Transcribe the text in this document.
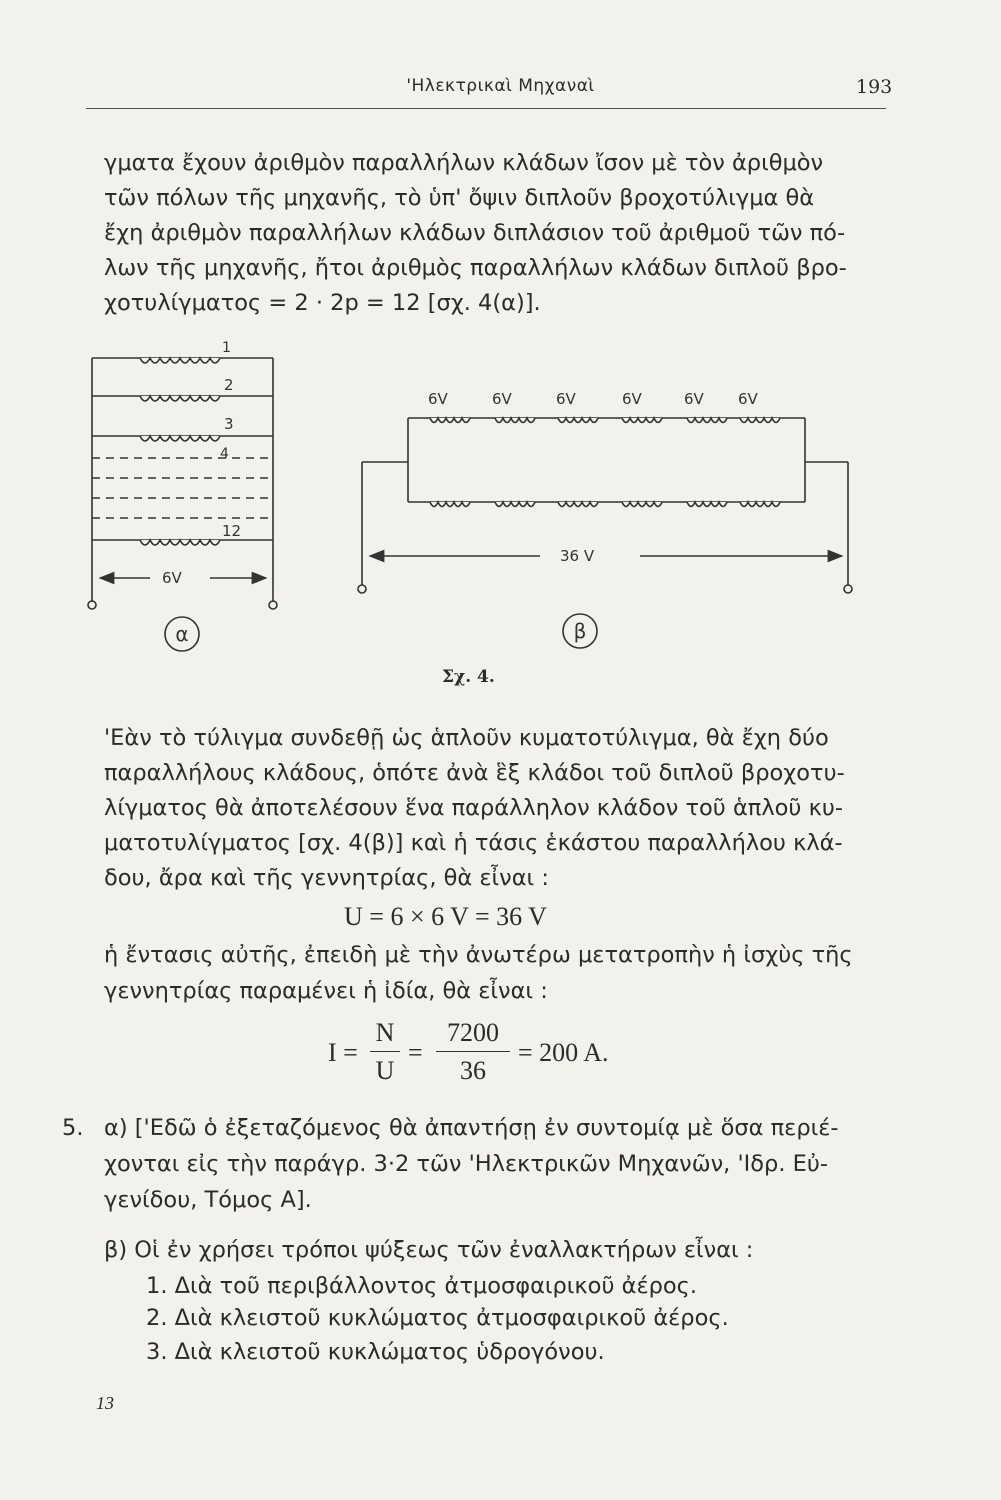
'Ηλεκτρικαὶ Μηχαναὶ	193
γματα ἔχουν ἀριθμὸν παραλλήλων κλάδων ἴσον μὲ τὸν ἀριθμὸν
τῶν πόλων τῆς μηχανῆς, τὸ ὑπ' ὄψιν διπλοῦν βροχοτύλιγμα θὰ
ἔχη ἀριθμὸν παραλλήλων κλάδων διπλάσιον τοῦ ἀριθμοῦ τῶν πό-
λων τῆς μηχανῆς, ἤτοι ἀριθμὸς παραλλήλων κλάδων διπλοῦ βρο-
χοτυλίγματος = 2 · 2p = 12 [σχ. 4(α)].
1
2
3
4
12
6V
α
6V	6V	6V	6V	6V 6V
36 V
β
Σχ. 4.
'Εὰν τὸ τύλιγμα συνδεθῇ ὡς ἁπλοῦν κυματοτύλιγμα, θὰ ἔχη δύο
παραλλήλους κλάδους, ὁπότε ἀνὰ ἓξ κλάδοι τοῦ διπλοῦ βροχοτυ-
λίγματος θὰ ἀποτελέσουν ἕνα παράλληλον κλάδον τοῦ ἁπλοῦ κυ-
ματοτυλίγματος [σχ. 4(β)] καὶ ἡ τάσις ἑκάστου παραλλήλου κλά-
δου, ἄρα καὶ τῆς γεννητρίας, θὰ εἶναι :
U = 6 × 6 V = 36 V
ἡ ἔντασις αὐτῆς, ἐπειδὴ μὲ τὴν ἀνωτέρω μετατροπὴν ἡ ἰσχὺς τῆς
γεννητρίας παραμένει ἡ ἰδία, θὰ εἶναι :
I =
N
U
=
7200
36
= 200 A.
5. α) ['Εδῶ ὁ ἐξεταζόμενος θὰ ἀπαντήσῃ ἐν συντομίᾳ μὲ ὅσα περιέ-
χονται εἰς τὴν παράγρ. 3·2 τῶν 'Ηλεκτρικῶν Μηχανῶν, 'Ιδρ. Εὐ-
γενίδου, Τόμος Α].
β) Οἱ ἐν χρήσει τρόποι ψύξεως τῶν ἐναλλακτήρων εἶναι :
1. Διὰ τοῦ περιβάλλοντος ἀτμοσφαιρικοῦ ἀέρος.
2. Διὰ κλειστοῦ κυκλώματος ἀτμοσφαιρικοῦ ἀέρος.
3. Διὰ κλειστοῦ κυκλώματος ὑδρογόνου.
13
